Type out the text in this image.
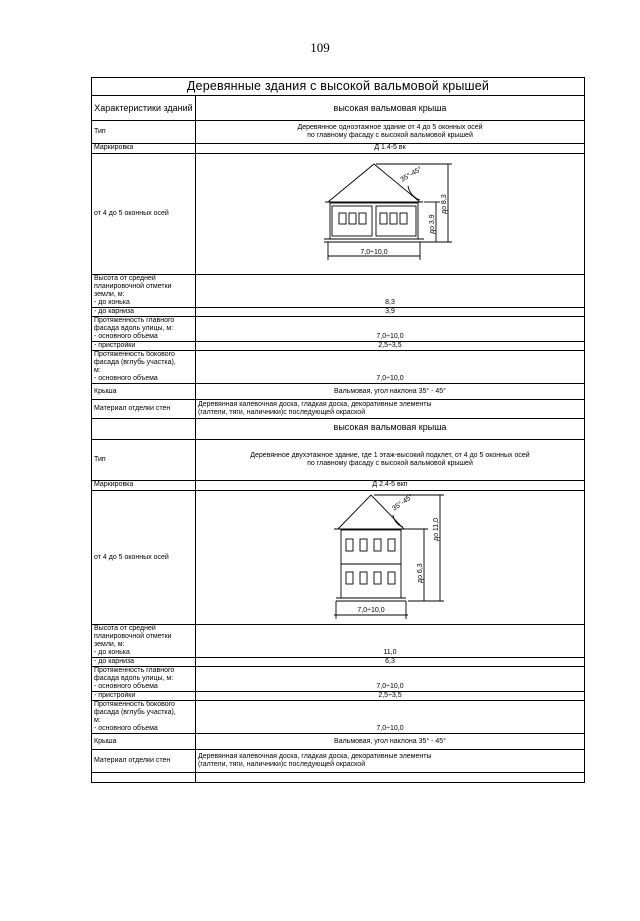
109
Деревянные здания с высокой вальмовой крышей	
Характеристики зданий	высокая вальмовая крыша
Тип	Деревянное одноэтажное здание от 4 до 5 оконных осей
по главному фасаду с высокой вальмовой крышей

Маркировка	Д 1.4-5 вк
от 4 до 5 оконных осей	35°-45°
до 3,9
до 8,3
7,0÷10,0

Высота от средней
планировочной отметки
земли, м:
- до конька	8,3
- до карниза	3,9

Протяженность главного
фасада вдоль улицы, м:
- основного объема	7,0÷10,0
- пристройки	2,5÷3,5

Протяженность бокового
фасада (вглубь участка),
м:
- основного объема	7,0÷10,0
Крыша	Вальмовая, угол наклона 35° - 45°
Материал отделки стен	Деревянная калевочная доска, гладкая доска, декоративные элементы
(галтели, тяги, наличники)с последующей окраской

	высокая вальмовая крыша
Тип	Деревянное двухэтажное здание, где 1 этаж-высокий подклет, от 4 до 5 оконных осей
по главному фасаду с высокой вальмовой крышей

Маркировка	Д 2.4-5 вкп
от 4 до 5 оконных осей	35°-45°
до 6,3
до 11,0
7,0÷10,0

Высота от средней
планировочной отметки
земли, м:
- до конька	11,0
- до карниза	6,3

Протяженность главного
фасада вдоль улицы, м:
- основного объема	7,0÷10,0
- пристройки	2,5÷3,5

Протяженность бокового
фасада (вглубь участка),
м:
- основного объема	7,0÷10,0
Крыша	Вальмовая, угол наклона 35° - 45°
Материал отделки стен	Деревянная калевочная доска, гладкая доска, декоративные элементы
(галтели, тяги, наличники)с последующей окраской
